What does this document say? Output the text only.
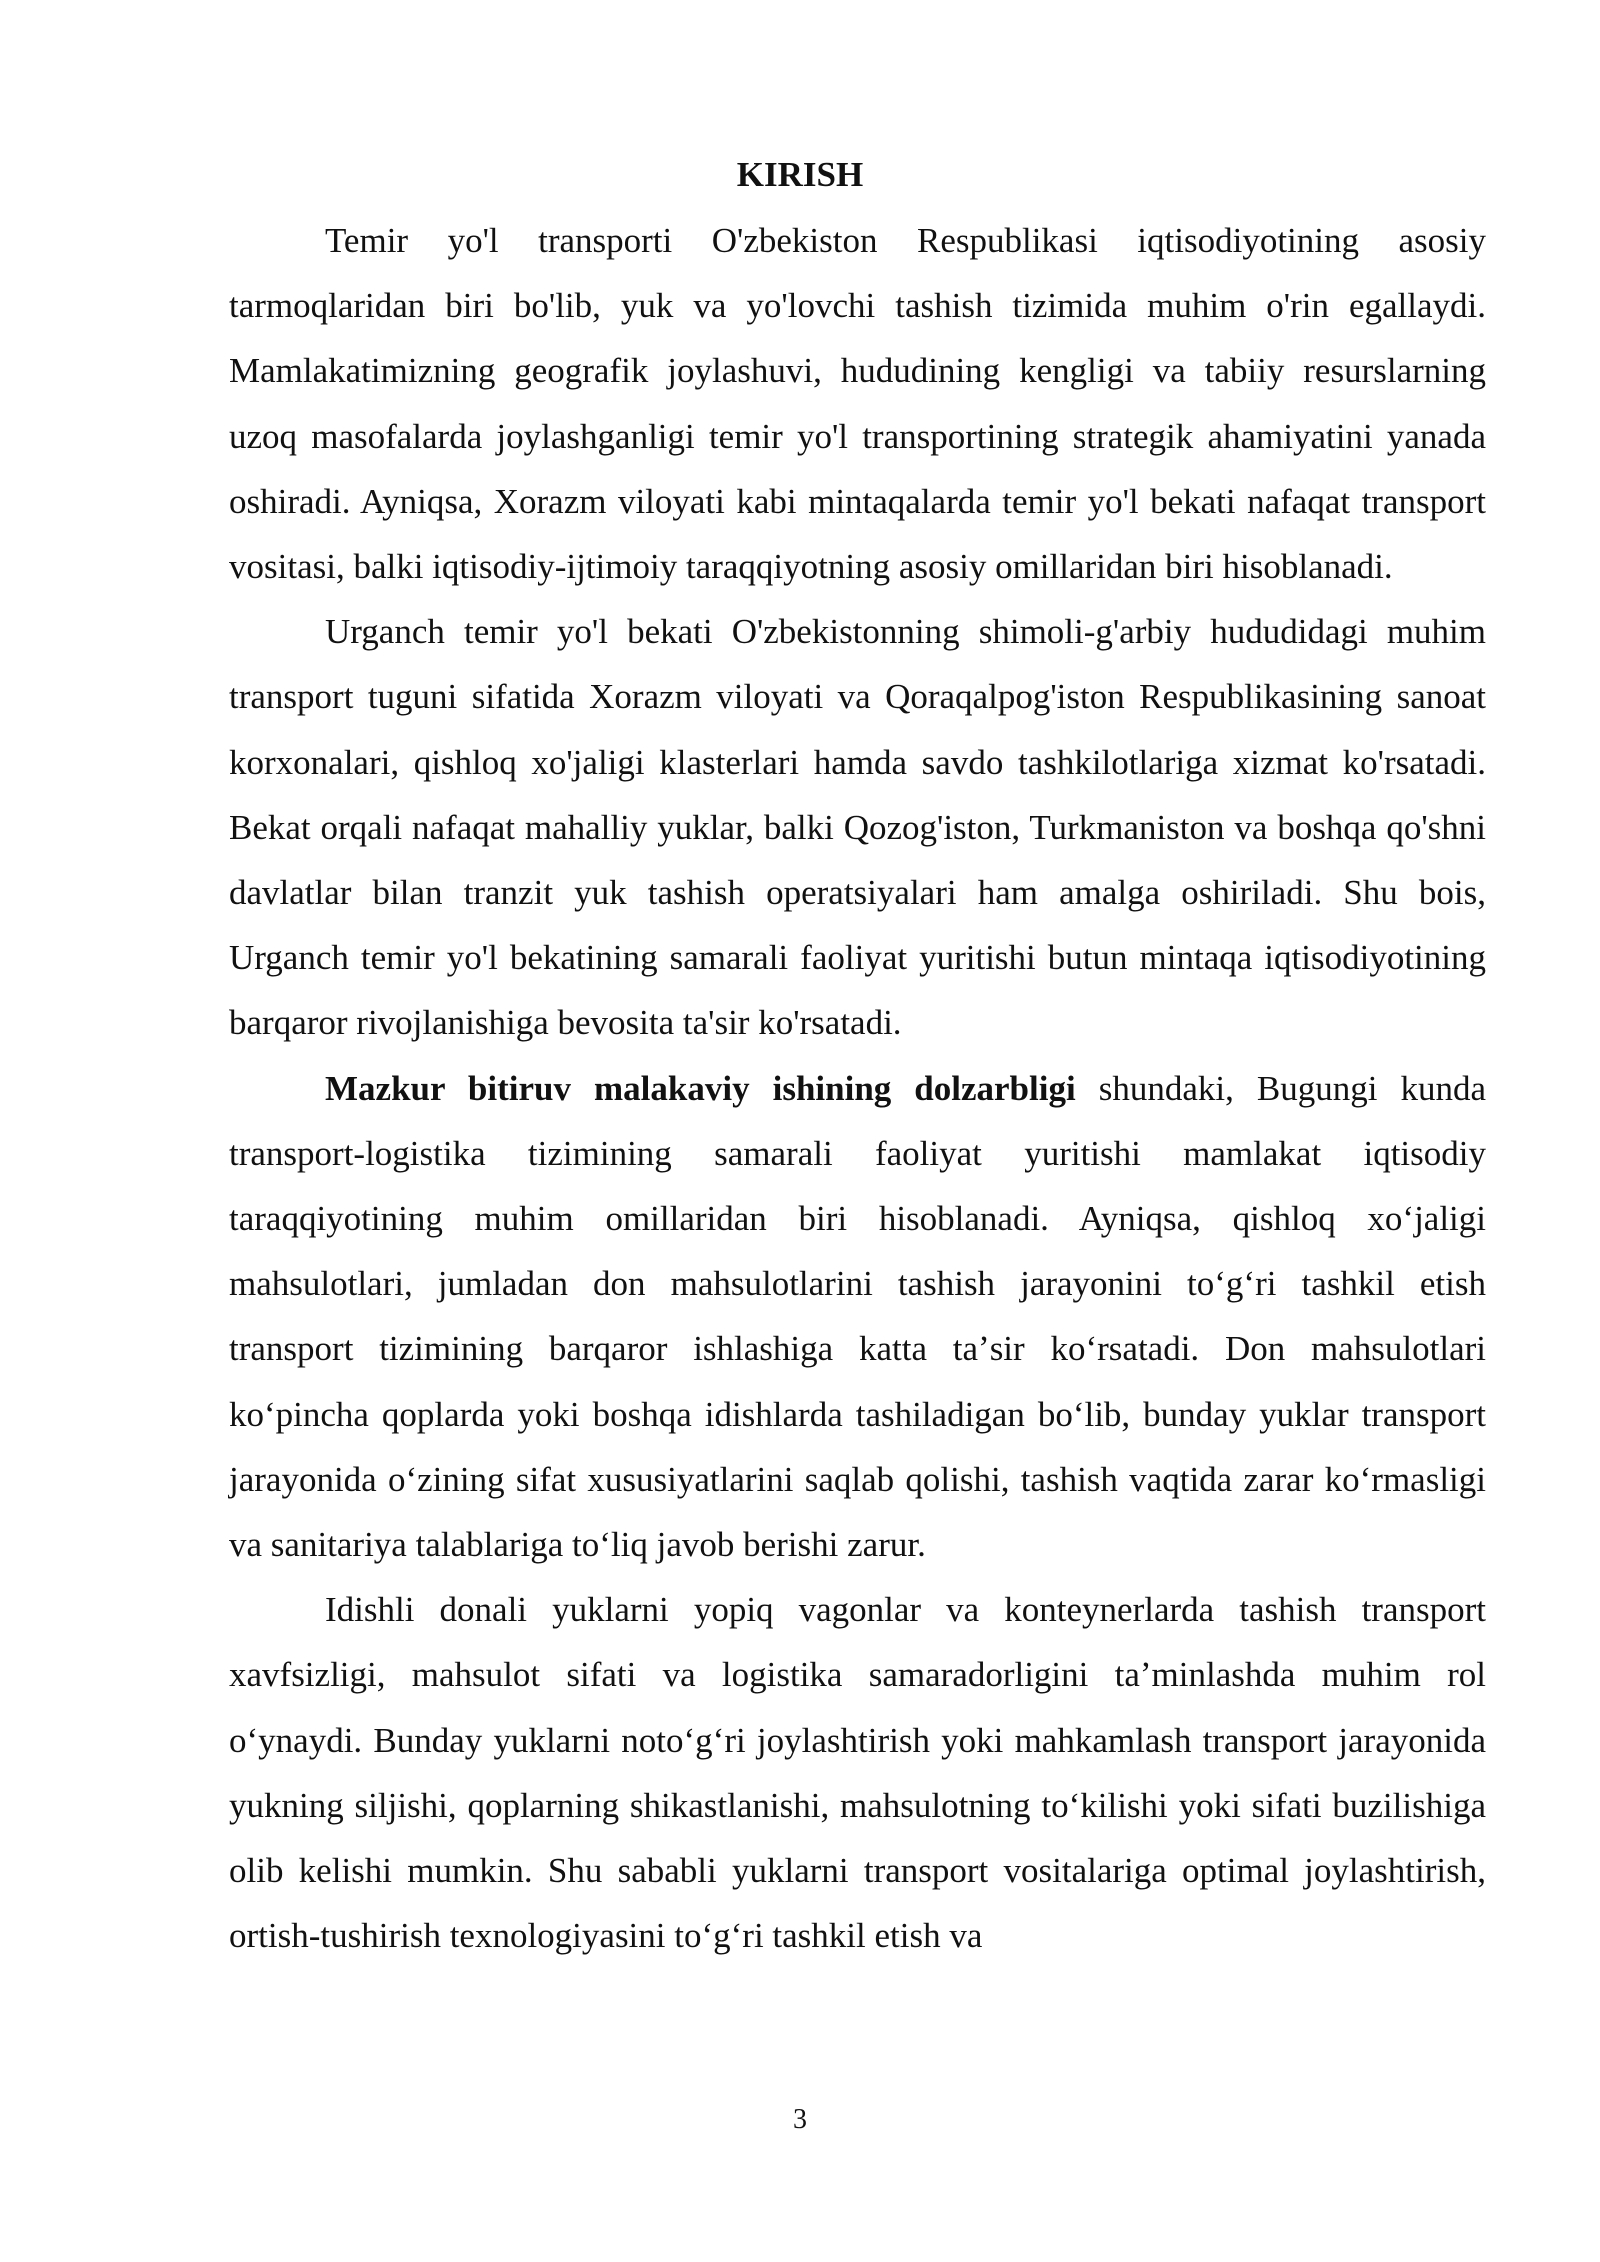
KIRISH

Temir yo'l transporti O'zbekiston Respublikasi iqtisodiyotining asosiy tarmoqlaridan biri bo'lib, yuk va yo'lovchi tashish tizimida muhim o'rin egallaydi. Mamlakatimizning geografik joylashuvi, hududining kengligi va tabiiy resurslarning uzoq masofalarda joylashganligi temir yo'l transportining strategik ahamiyatini yanada oshiradi. Ayniqsa, Xorazm viloyati kabi mintaqalarda temir yo'l bekati nafaqat transport vositasi, balki iqtisodiy-ijtimoiy taraqqiyotning asosiy omillaridan biri hisoblanadi.

Urganch temir yo'l bekati O'zbekistonning shimoli-g'arbiy hududidagi muhim transport tuguni sifatida Xorazm viloyati va Qoraqalpog'iston Respublikasining sanoat korxonalari, qishloq xo'jaligi klasterlari hamda savdo tashkilotlariga xizmat ko'rsatadi. Bekat orqali nafaqat mahalliy yuklar, balki Qozog'iston, Turkmaniston va boshqa qo'shni davlatlar bilan tranzit yuk tashish operatsiyalari ham amalga oshiriladi. Shu bois, Urganch temir yo'l bekatining samarali faoliyat yuritishi butun mintaqa iqtisodiyotining barqaror rivojlanishiga bevosita ta'sir ko'rsatadi.

Mazkur bitiruv malakaviy ishining dolzarbligi shundaki, Bugungi kunda transport-logistika tizimining samarali faoliyat yuritishi mamlakat iqtisodiy taraqqiyotining muhim omillaridan biri hisoblanadi. Ayniqsa, qishloq xoʻjaligi mahsulotlari, jumladan don mahsulotlarini tashish jarayonini toʻgʻri tashkil etish transport tizimining barqaror ishlashiga katta taʼsir koʻrsatadi. Don mahsulotlari koʻpincha qoplarda yoki boshqa idishlarda tashiladigan boʻlib, bunday yuklar transport jarayonida oʻzining sifat xususiyatlarini saqlab qolishi, tashish vaqtida zarar koʻrmasligi va sanitariya talablariga toʻliq javob berishi zarur.

Idishli donali yuklarni yopiq vagonlar va konteynerlarda tashish transport xavfsizligi, mahsulot sifati va logistika samaradorligini taʼminlashda muhim rol oʻynaydi. Bunday yuklarni notoʻgʻri joylashtirish yoki mahkamlash transport jarayonida yukning siljishi, qoplarning shikastlanishi, mahsulotning toʻkilishi yoki sifati buzilishiga olib kelishi mumkin. Shu sababli yuklarni transport vositalariga optimal joylashtirish, ortish-tushirish texnologiyasini toʻgʻri tashkil etish va

3
